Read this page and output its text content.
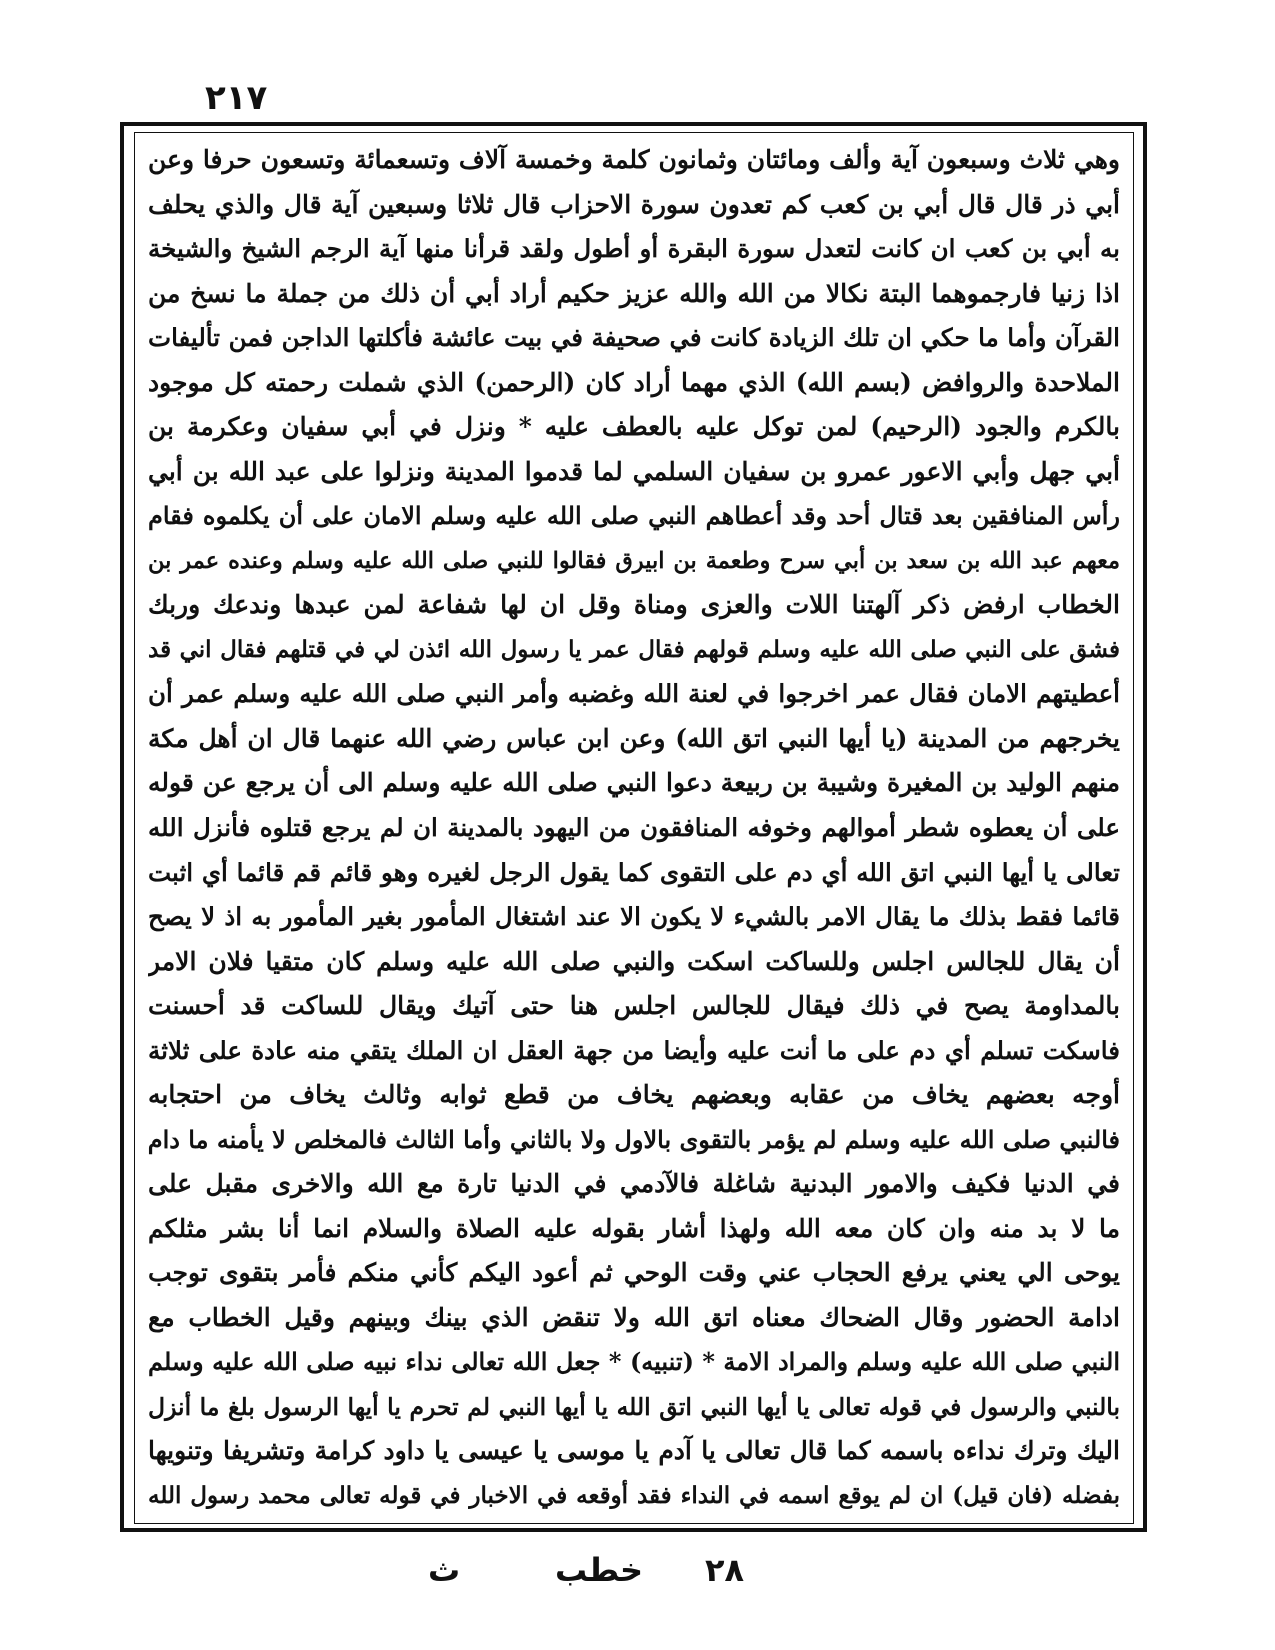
٢١٧
وهي ثلاث وسبعون آية وألف ومائتان وثمانون كلمة وخمسة آلاف وتسعمائة وتسعون حرفا وعن
أبي ذر قال قال أبي بن كعب كم تعدون سورة الاحزاب قال ثلاثا وسبعين آية قال والذي يحلف
به أبي بن كعب ان كانت لتعدل سورة البقرة أو أطول ولقد قرأنا منها آية الرجم الشيخ والشيخة
اذا زنيا فارجموهما البتة نكالا من الله والله عزيز حكيم أراد أبي أن ذلك من جملة ما نسخ من
القرآن وأما ما حكي ان تلك الزيادة كانت في صحيفة في بيت عائشة فأكلتها الداجن فمن تأليفات
الملاحدة والروافض (بسم الله) الذي مهما أراد كان (الرحمن) الذي شملت رحمته كل موجود
بالكرم والجود (الرحيم) لمن توكل عليه بالعطف عليه * ونزل في أبي سفيان وعكرمة بن
أبي جهل وأبي الاعور عمرو بن سفيان السلمي لما قدموا المدينة ونزلوا على عبد الله بن أبي
رأس المنافقين بعد قتال أحد وقد أعطاهم النبي صلى الله عليه وسلم الامان على أن يكلموه فقام
معهم عبد الله بن سعد بن أبي سرح وطعمة بن ابيرق فقالوا للنبي صلى الله عليه وسلم وعنده عمر بن
الخطاب ارفض ذكر آلهتنا اللات والعزى ومناة وقل ان لها شفاعة لمن عبدها وندعك وربك
فشق على النبي صلى الله عليه وسلم قولهم فقال عمر يا رسول الله ائذن لي في قتلهم فقال اني قد
أعطيتهم الامان فقال عمر اخرجوا في لعنة الله وغضبه وأمر النبي صلى الله عليه وسلم عمر أن
يخرجهم من المدينة (يا أيها النبي اتق الله) وعن ابن عباس رضي الله عنهما قال ان أهل مكة
منهم الوليد بن المغيرة وشيبة بن ربيعة دعوا النبي صلى الله عليه وسلم الى أن يرجع عن قوله
على أن يعطوه شطر أموالهم وخوفه المنافقون من اليهود بالمدينة ان لم يرجع قتلوه فأنزل الله
تعالى يا أيها النبي اتق الله أي دم على التقوى كما يقول الرجل لغيره وهو قائم قم قائما أي اثبت
قائما فقط بذلك ما يقال الامر بالشيء لا يكون الا عند اشتغال المأمور بغير المأمور به اذ لا يصح
أن يقال للجالس اجلس وللساكت اسكت والنبي صلى الله عليه وسلم كان متقيا فلان الامر
بالمداومة يصح في ذلك فيقال للجالس اجلس هنا حتى آتيك ويقال للساكت قد أحسنت
فاسكت تسلم أي دم على ما أنت عليه وأيضا من جهة العقل ان الملك يتقي منه عادة على ثلاثة
أوجه بعضهم يخاف من عقابه وبعضهم يخاف من قطع ثوابه وثالث يخاف من احتجابه
فالنبي صلى الله عليه وسلم لم يؤمر بالتقوى بالاول ولا بالثاني وأما الثالث فالمخلص لا يأمنه ما دام
في الدنيا فكيف والامور البدنية شاغلة فالآدمي في الدنيا تارة مع الله والاخرى مقبل على
ما لا بد منه وان كان معه الله ولهذا أشار بقوله عليه الصلاة والسلام انما أنا بشر مثلكم
يوحى الي يعني يرفع الحجاب عني وقت الوحي ثم أعود اليكم كأني منكم فأمر بتقوى توجب
ادامة الحضور وقال الضحاك معناه اتق الله ولا تنقض الذي بينك وبينهم وقيل الخطاب مع
النبي صلى الله عليه وسلم والمراد الامة * (تنبيه) * جعل الله تعالى نداء نبيه صلى الله عليه وسلم
بالنبي والرسول في قوله تعالى يا أيها النبي اتق الله يا أيها النبي لم تحرم يا أيها الرسول بلغ ما أنزل
اليك وترك نداءه باسمه كما قال تعالى يا آدم يا موسى يا عيسى يا داود كرامة وتشريفا وتنويها
بفضله (فان قيل) ان لم يوقع اسمه في النداء فقد أوقعه في الاخبار في قوله تعالى محمد رسول الله
٢٨
خطب
ث
